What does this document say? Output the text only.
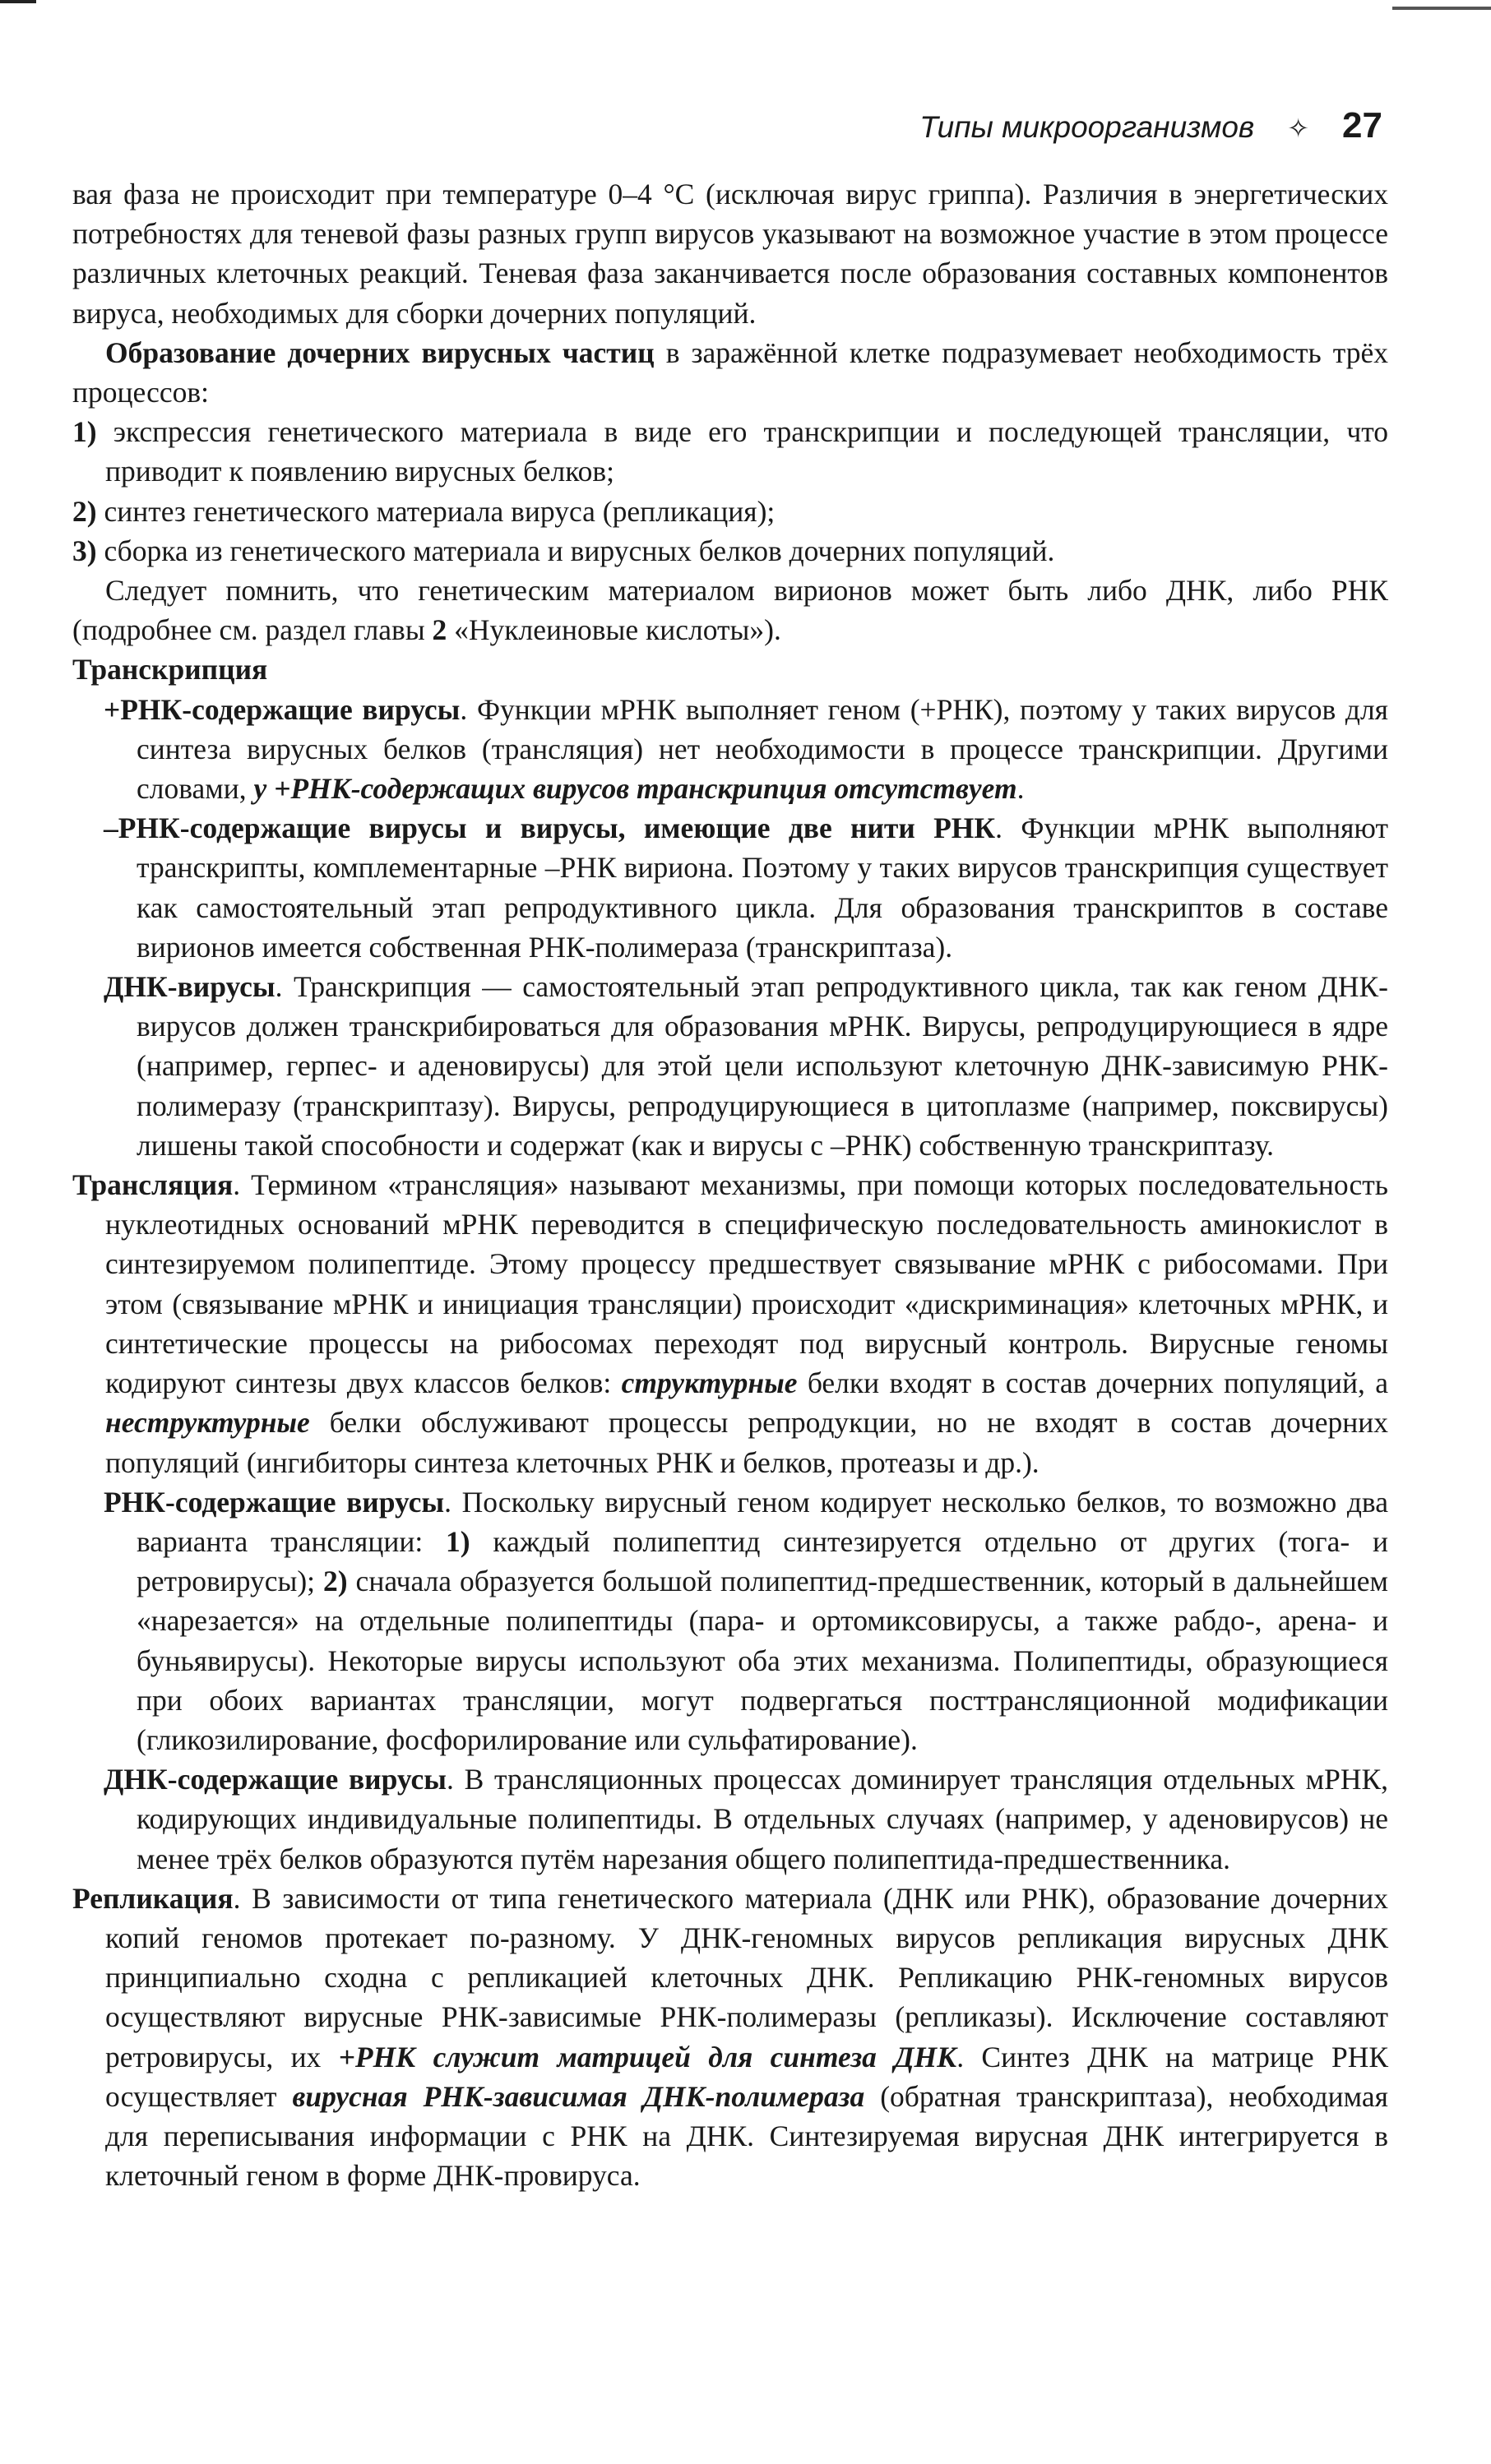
Типы микроорганизмов ✧ 27

вая фаза не происходит при температуре 0–4 °C (исключая вирус гриппа). Различия в энергетических потребностях для теневой фазы разных групп вирусов указывают на возможное участие в этом процессе различных клеточных реакций. Теневая фаза заканчивается после образования составных компонентов вируса, необходимых для сборки дочерних популяций.

Образование дочерних вирусных частиц в заражённой клетке подразумевает необходимость трёх процессов:

1) экспрессия генетического материала в виде его транскрипции и последующей трансляции, что приводит к появлению вирусных белков;

2) синтез генетического материала вируса (репликация);

3) сборка из генетического материала и вирусных белков дочерних популяций.

Следует помнить, что генетическим материалом вирионов может быть либо ДНК, либо РНК (подробнее см. раздел главы 2 «Нуклеиновые кислоты»).

Транскрипция

+РНК-содержащие вирусы. Функции мРНК выполняет геном (+РНК), поэтому у таких вирусов для синтеза вирусных белков (трансляция) нет необходимости в процессе транскрипции. Другими словами, у +РНК-содержащих вирусов транскрипция отсутствует.

–РНК-содержащие вирусы и вирусы, имеющие две нити РНК. Функции мРНК выполняют транскрипты, комплементарные –РНК вириона. Поэтому у таких вирусов транскрипция существует как самостоятельный этап репродуктивного цикла. Для образования транскриптов в составе вирионов имеется собственная РНК-полимераза (транскриптаза).

ДНК-вирусы. Транскрипция — самостоятельный этап репродуктивного цикла, так как геном ДНК-вирусов должен транскрибироваться для образования мРНК. Вирусы, репродуцирующиеся в ядре (например, герпес- и аденовирусы) для этой цели используют клеточную ДНК-зависимую РНК-полимеразу (транскриптазу). Вирусы, репродуцирующиеся в цитоплазме (например, поксвирусы) лишены такой способности и содержат (как и вирусы с –РНК) собственную транскриптазу.

Трансляция. Термином «трансляция» называют механизмы, при помощи которых последовательность нуклеотидных оснований мРНК переводится в специфическую последовательность аминокислот в синтезируемом полипептиде. Этому процессу предшествует связывание мРНК с рибосомами. При этом (связывание мРНК и инициация трансляции) происходит «дискриминация» клеточных мРНК, и синтетические процессы на рибосомах переходят под вирусный контроль. Вирусные геномы кодируют синтезы двух классов белков: структурные белки входят в состав дочерних популяций, а неструктурные белки обслуживают процессы репродукции, но не входят в состав дочерних популяций (ингибиторы синтеза клеточных РНК и белков, протеазы и др.).

РНК-содержащие вирусы. Поскольку вирусный геном кодирует несколько белков, то возможно два варианта трансляции: 1) каждый полипептид синтезируется отдельно от других (тога- и ретровирусы); 2) сначала образуется большой полипептид-предшественник, который в дальнейшем «нарезается» на отдельные полипептиды (пара- и ортомиксовирусы, а также рабдо-, арена- и буньявирусы). Некоторые вирусы используют оба этих механизма. Полипептиды, образующиеся при обоих вариантах трансляции, могут подвергаться посттрансляционной модификации (гликозилирование, фосфорилирование или сульфатирование).

ДНК-содержащие вирусы. В трансляционных процессах доминирует трансляция отдельных мРНК, кодирующих индивидуальные полипептиды. В отдельных случаях (например, у аденовирусов) не менее трёх белков образуются путём нарезания общего полипептида-предшественника.

Репликация. В зависимости от типа генетического материала (ДНК или РНК), образование дочерних копий геномов протекает по-разному. У ДНК-геномных вирусов репликация вирусных ДНК принципиально сходна с репликацией клеточных ДНК. Репликацию РНК-геномных вирусов осуществляют вирусные РНК-зависимые РНК-полимеразы (репликазы). Исключение составляют ретровирусы, их +РНК служит матрицей для синтеза ДНК. Синтез ДНК на матрице РНК осуществляет вирусная РНК-зависимая ДНК-полимераза (обратная транскриптаза), необходимая для переписывания информации с РНК на ДНК. Синтезируемая вирусная ДНК интегрируется в клеточный геном в форме ДНК-провируса.
